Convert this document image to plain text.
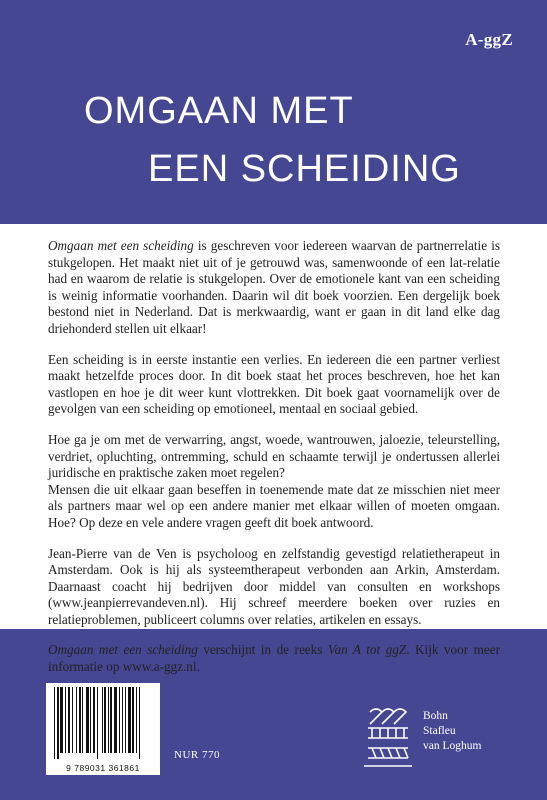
A-ggZ
OMGAAN MET
EEN SCHEIDING

Omgaan met een scheiding is geschreven voor iedereen waarvan de partnerrelatie is stukgelopen. Het maakt niet uit of je getrouwd was, samenwoonde of een lat-relatie had en waarom de relatie is stukgelopen. Over de emotionele kant van een scheiding is weinig informatie voorhanden. Daarin wil dit boek voorzien. Een dergelijk boek bestond niet in Nederland. Dat is merkwaardig, want er gaan in dit land elke dag driehonderd stellen uit elkaar!

Een scheiding is in eerste instantie een verlies. En iedereen die een partner verliest maakt hetzelfde proces door. In dit boek staat het proces beschreven, hoe het kan vastlopen en hoe je dit weer kunt vlottrekken. Dit boek gaat voornamelijk over de gevolgen van een scheiding op emotioneel, mentaal en sociaal gebied.

Hoe ga je om met de verwarring, angst, woede, wantrouwen, jaloezie, teleurstelling, verdriet, opluchting, ontremming, schuld en schaamte terwijl je ondertussen allerlei juridische en praktische zaken moet regelen?

Mensen die uit elkaar gaan beseffen in toenemende mate dat ze misschien niet meer als partners maar wel op een andere manier met elkaar willen of moeten omgaan. Hoe? Op deze en vele andere vragen geeft dit boek antwoord.

Jean-Pierre van de Ven is psycholoog en zelfstandig gevestigd relatietherapeut in Amsterdam. Ook is hij als systeemtherapeut verbonden aan Arkin, Amsterdam. Daarnaast coacht hij bedrijven door middel van consulten en workshops (www.jeanpierrevandeven.nl). Hij schreef meerdere boeken over ruzies en relatieproblemen, publiceert columns over relaties, artikelen en essays.

Omgaan met een scheiding verschijnt in de reeks Van A tot ggZ. Kijk voor meer informatie op www.a-ggz.nl.

9 789031 361861
NUR 770
Bohn
Stafleu
van Loghum
